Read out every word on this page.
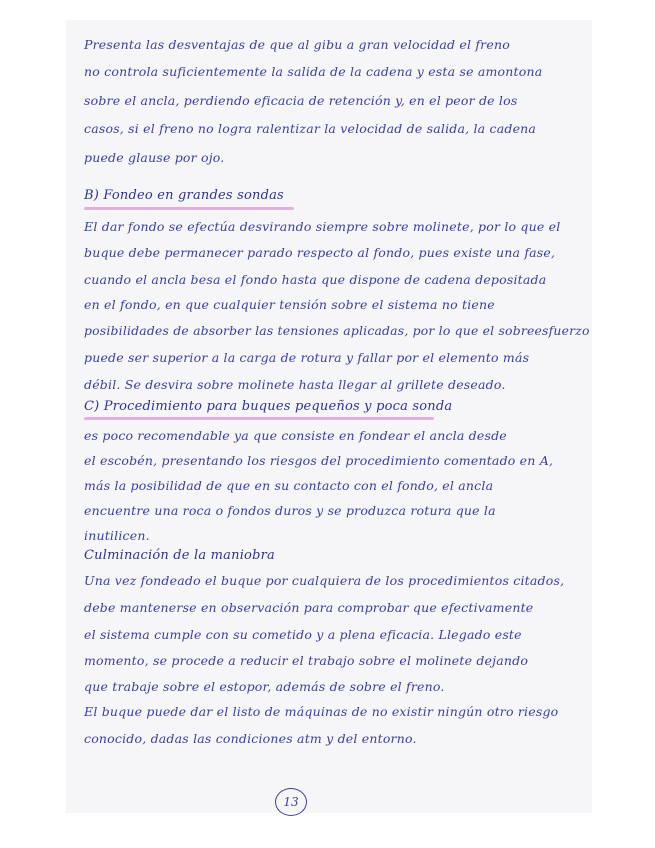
Presenta las desventajas de que al gibu a gran velocidad el freno
no controla suficientemente la salida de la cadena y esta se amontona
sobre el ancla, perdiendo eficacia de retención y, en el peor de los
casos, si el freno no logra ralentizar la velocidad de salida, la cadena
puede glause por ojo.
B) Fondeo en grandes sondas
El dar fondo se efectúa desvirando siempre sobre molinete, por lo que el
buque debe permanecer parado respecto al fondo, pues existe una fase,
cuando el ancla besa el fondo hasta que dispone de cadena depositada
en el fondo, en que cualquier tensión sobre el sistema no tiene
posibilidades de absorber las tensiones aplicadas, por lo que el sobreesfuerzo
puede ser superior a la carga de rotura y fallar por el elemento más
débil. Se desvira sobre molinete hasta llegar al grillete deseado.
C) Procedimiento para buques pequeños y poca sonda
es poco recomendable ya que consiste en fondear el ancla desde
el escobén, presentando los riesgos del procedimiento comentado en A,
más la posibilidad de que en su contacto con el fondo, el ancla
encuentre una roca o fondos duros y se produzca rotura que la
inutilicen.
Culminación de la maniobra
Una vez fondeado el buque por cualquiera de los procedimientos citados,
debe mantenerse en observación para comprobar que efectivamente
el sistema cumple con su cometido y a plena eficacia. Llegado este
momento, se procede a reducir el trabajo sobre el molinete dejando
que trabaje sobre el estopor, además de sobre el freno.
El buque puede dar el listo de máquinas de no existir ningún otro riesgo
conocido, dadas las condiciones atm y del entorno.
13
